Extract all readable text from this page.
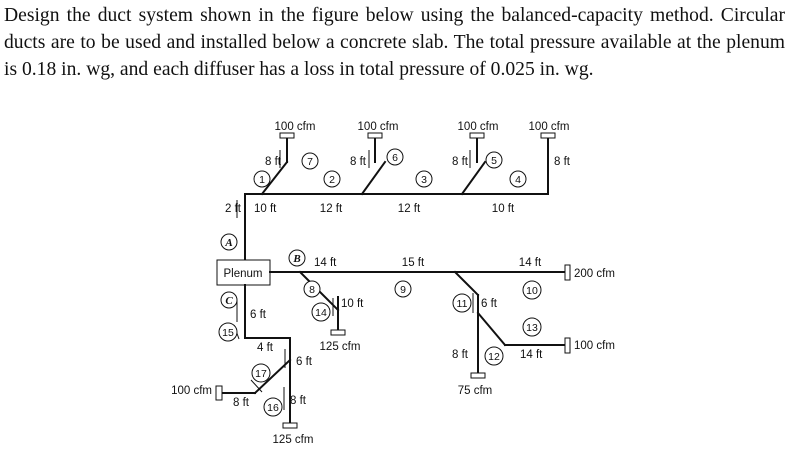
Design the duct system shown in the figure below using the balanced-capacity method. Circular ducts are to be used and installed below a concrete slab. The total pressure available at the plenum is 0.18 in. wg, and each diffuser has a loss in total pressure of 0.025 in. wg.

Plenum
100 cfm	100 cfm	100 cfm	100 cfm
200 cfm
100 cfm
125 cfm
75 cfm
125 cfm
100 cfm
2 ft 10 ft	12 ft	12 ft	10 ft
8 ft	8 ft	8 ft	8 ft
14 ft	15 ft	14 ft
10 ft	6 ft
8 ft	14 ft
6 ft
4 ft
6 ft
8 ft	8 ft
A
B
C
1	2	3	4
5
6
7
8	9	10
11
12
13
14
15
16
17
